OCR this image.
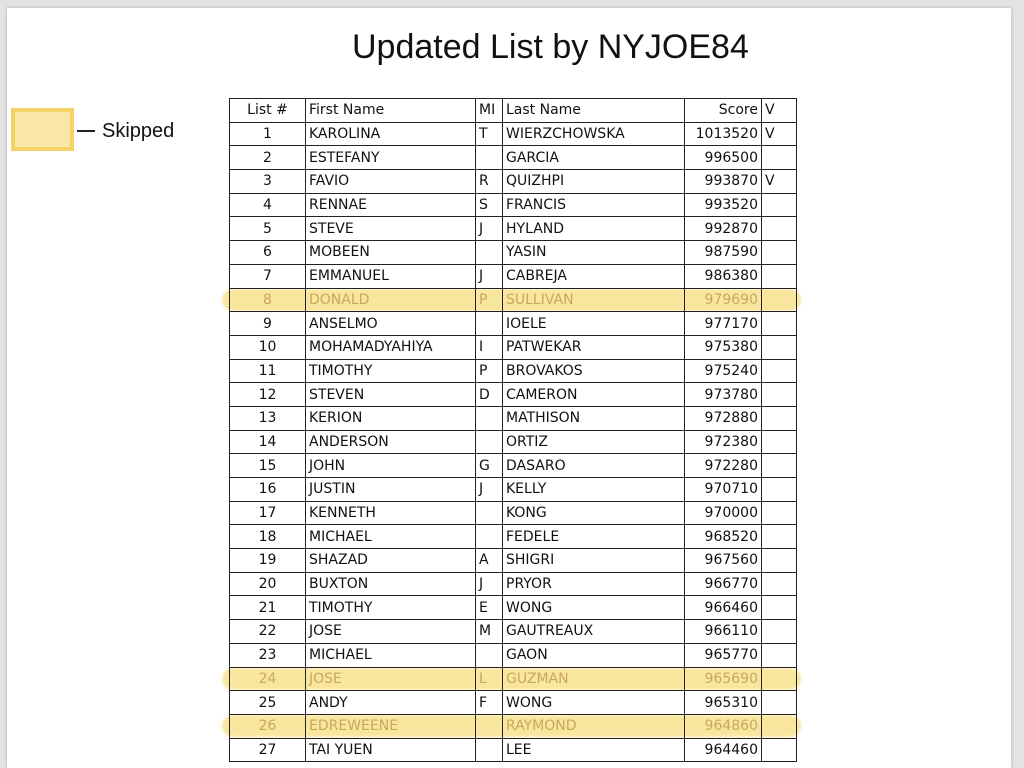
Updated List by NYJOE84
Skipped
List #	First Name	MI	Last Name	Score	V
1	KAROLINA	T	WIERZCHOWSKA	1013520	V
2	ESTEFANY		GARCIA	996500	
3	FAVIO	R	QUIZHPI	993870	V
4	RENNAE	S	FRANCIS	993520	
5	STEVE	J	HYLAND	992870	
6	MOBEEN		YASIN	987590	
7	EMMANUEL	J	CABREJA	986380	
8	DONALD	P	SULLIVAN	979690	
9	ANSELMO		IOELE	977170	
10	MOHAMADYAHIYA	I	PATWEKAR	975380	
11	TIMOTHY	P	BROVAKOS	975240	
12	STEVEN	D	CAMERON	973780	
13	KERION		MATHISON	972880	
14	ANDERSON		ORTIZ	972380	
15	JOHN	G	DASARO	972280	
16	JUSTIN	J	KELLY	970710	
17	KENNETH		KONG	970000	
18	MICHAEL		FEDELE	968520	
19	SHAZAD	A	SHIGRI	967560	
20	BUXTON	J	PRYOR	966770	
21	TIMOTHY	E	WONG	966460	
22	JOSE	M	GAUTREAUX	966110	
23	MICHAEL		GAON	965770	
24	JOSE	L	GUZMAN	965690	
25	ANDY	F	WONG	965310	
26	EDREWEENE		RAYMOND	964860	
27	TAI YUEN		LEE	964460	
